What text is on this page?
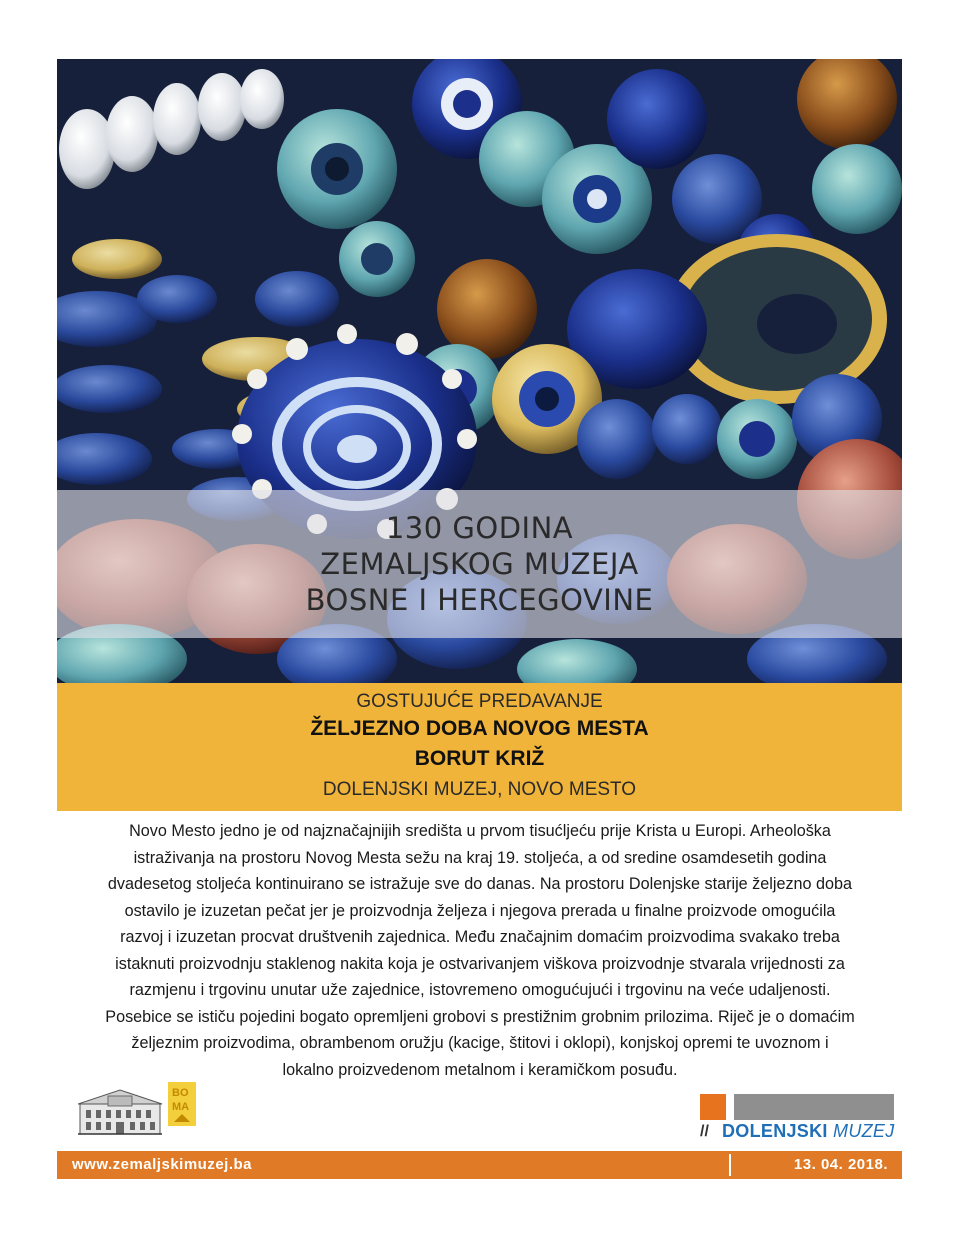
130 GODINA
ZEMALJSKOG MUZEJA
BOSNE I HERCEGOVINE
GOSTUJUĆE PREDAVANJE
ŽELJEZNO DOBA NOVOG MESTA
BORUT KRIŽ
DOLENJSKI MUZEJ, NOVO MESTO
Novo Mesto jedno je od najznačajnijih središta u prvom tisućljeću prije Krista u Europi. Arheološka
istraživanja na prostoru Novog Mesta sežu na kraj 19. stoljeća, a od sredine osamdesetih godina
dvadesetog stoljeća kontinuirano se istražuje sve do danas. Na prostoru Dolenjske starije željezno doba
ostavilo je izuzetan pečat jer je proizvodnja željeza i njegova prerada u finalne proizvode omogućila
razvoj i izuzetan procvat društvenih zajednica. Među značajnim domaćim proizvodima svakako treba
istaknuti proizvodnju staklenog nakita koja je ostvarivanjem viškova proizvodnje stvarala vrijednosti za
razmjenu i trgovinu unutar uže zajednice, istovremeno omogućujući i trgovinu na veće udaljenosti.
Posebice se ističu pojedini bogato opremljeni grobovi s prestižnim grobnim prilozima. Riječ je o domaćim
željeznim proizvodima, obrambenom oružju (kacige, štitovi i oklopi), konjskoj opremi te uvoznom i
lokalno proizvedenom metalnom i keramičkom posuđu.
BO
MA
// DOLENJSKI MUZEJ
www.zemaljskimuzej.ba	13. 04. 2018.
